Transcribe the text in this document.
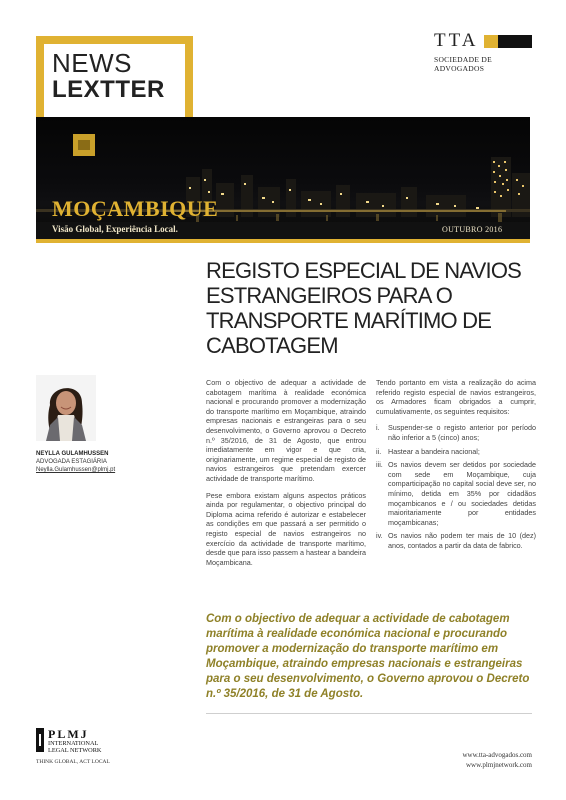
NEWS
LEXTTER
TTA
SOCIEDADE DE ADVOGADOS
MOÇAMBIQUE
Visão Global, Experiência Local.	OUTUBRO 2016
REGISTO ESPECIAL DE NAVIOS ESTRANGEIROS PARA O TRANSPORTE MARÍTIMO DE CABOTAGEM
NEYLLA GULAMHUSSEN
ADVOGADA ESTAGIÁRIA
Neylla.Gulamhussen@plmj.pt

Com o objectivo de adequar a actividade de cabotagem marítima à realidade económica nacional e procurando promover a modernização do transporte marítimo em Moçambique, atraindo empresas nacionais e estrangeiras para o seu desenvolvimento, o Governo aprovou o Decreto n.º 35/2016, de 31 de Agosto, que entrou imediatamente em vigor e que cria, originariamente, um regime especial de registo de navios estrangeiros que pretendam exercer actividade de transporte marítimo.

Pese embora existam alguns aspectos práticos ainda por regulamentar, o objectivo principal do Diploma acima referido é autorizar e estabelecer as condições em que passará a ser permitido o registo especial de navios estrangeiros no exercício da actividade de transporte marítimo, desde que para isso passem a hastear a bandeira Moçambicana.

Tendo portanto em vista a realização do acima referido registo especial de navios estrangeiros, os Armadores ficam obrigados a cumprir, cumulativamente, os seguintes requisitos:

i.	Suspender-se o registo anterior por período não inferior a 5 (cinco) anos;
ii. Hastear a bandeira nacional;
iii. Os navios devem ser detidos por sociedade com sede em Moçambique, cuja comparticipação no capital social deve ser, no mínimo, detida em 35% por cidadãos moçambicanos e / ou sociedades detidas maioritariamente por entidades moçambicanas;
iv. Os navios não podem ter mais de 10 (dez) anos, contados a partir da data de fabrico.
Com o objectivo de adequar a actividade de cabotagem marítima à realidade económica nacional e procurando promover a modernização do transporte marítimo em Moçambique, atraindo empresas nacionais e estrangeiras para o seu desenvolvimento, o Governo aprovou o Decreto n.º 35/2016, de 31 de Agosto.
PLMJ
INTERNATIONAL
LEGAL NETWORK
THINK GLOBAL, ACT LOCAL
www.tta-advogados.com
www.plmjnetwork.com
